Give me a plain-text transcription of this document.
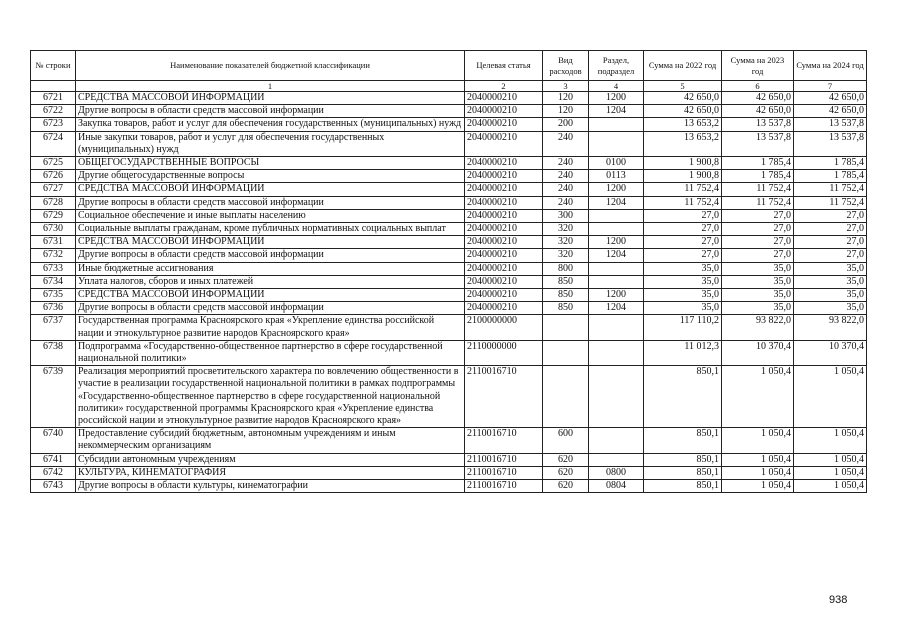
№ строки	Наименование показателей бюджетной классификации	Целевая статья	Вид расходов	Раздел, подраздел	Сумма на 2022 год	Сумма на 2023 год	Сумма на 2024 год
	1	2	3	4	5	6	7
6721	СРЕДСТВА МАССОВОЙ ИНФОРМАЦИИ	2040000210	120	1200	42 650,0	42 650,0	42 650,0
6722	Другие вопросы в области средств массовой информации	2040000210	120	1204	42 650,0	42 650,0	42 650,0
6723	Закупка товаров, работ и услуг для обеспечения государственных (муниципальных) нужд	2040000210	200		13 653,2	13 537,8	13 537,8
6724	Иные закупки товаров, работ и услуг для обеспечения государственных (муниципальных) нужд	2040000210	240		13 653,2	13 537,8	13 537,8
6725	ОБЩЕГОСУДАРСТВЕННЫЕ ВОПРОСЫ	2040000210	240	0100	1 900,8	1 785,4	1 785,4
6726	Другие общегосударственные вопросы	2040000210	240	0113	1 900,8	1 785,4	1 785,4
6727	СРЕДСТВА МАССОВОЙ ИНФОРМАЦИИ	2040000210	240	1200	11 752,4	11 752,4	11 752,4
6728	Другие вопросы в области средств массовой информации	2040000210	240	1204	11 752,4	11 752,4	11 752,4
6729	Социальное обеспечение и иные выплаты населению	2040000210	300		27,0	27,0	27,0
6730	Социальные выплаты гражданам, кроме публичных нормативных социальных выплат	2040000210	320		27,0	27,0	27,0
6731	СРЕДСТВА МАССОВОЙ ИНФОРМАЦИИ	2040000210	320	1200	27,0	27,0	27,0
6732	Другие вопросы в области средств массовой информации	2040000210	320	1204	27,0	27,0	27,0
6733	Иные бюджетные ассигнования	2040000210	800		35,0	35,0	35,0
6734	Уплата налогов, сборов и иных платежей	2040000210	850		35,0	35,0	35,0
6735	СРЕДСТВА МАССОВОЙ ИНФОРМАЦИИ	2040000210	850	1200	35,0	35,0	35,0
6736	Другие вопросы в области средств массовой информации	2040000210	850	1204	35,0	35,0	35,0
6737	Государственная программа Красноярского края «Укрепление единства российской нации и этнокультурное развитие народов Красноярского края»	2100000000			117 110,2	93 822,0	93 822,0
6738	Подпрограмма «Государственно-общественное партнерство в сфере государственной национальной политики»	2110000000			11 012,3	10 370,4	10 370,4
6739	Реализация мероприятий просветительского характера по вовлечению общественности в участие в реализации государственной национальной политики в рамках подпрограммы «Государственно-общественное партнерство в сфере государственной национальной политики» государственной программы Красноярского края «Укрепление единства российской нации и этнокультурное развитие народов Красноярского края»	2110016710			850,1	1 050,4	1 050,4
6740	Предоставление субсидий бюджетным, автономным учреждениям и иным некоммерческим организациям	2110016710	600		850,1	1 050,4	1 050,4
6741	Субсидии автономным учреждениям	2110016710	620		850,1	1 050,4	1 050,4
6742	КУЛЬТУРА, КИНЕМАТОГРАФИЯ	2110016710	620	0800	850,1	1 050,4	1 050,4
6743	Другие вопросы в области культуры, кинематографии	2110016710	620	0804	850,1	1 050,4	1 050,4
938
